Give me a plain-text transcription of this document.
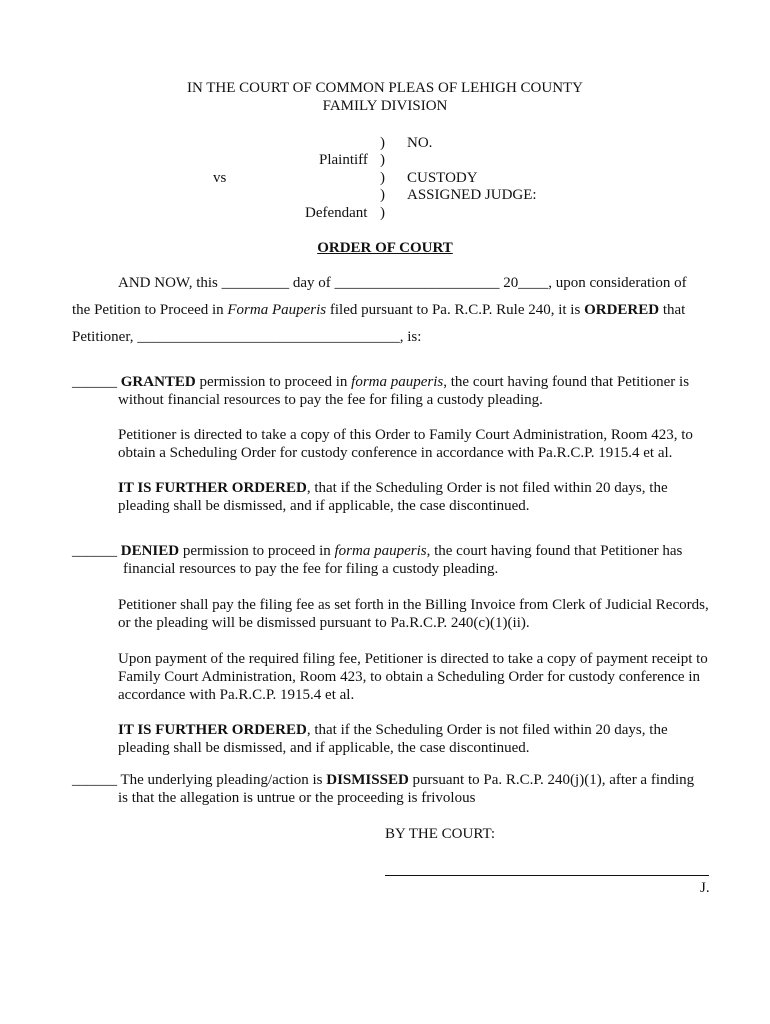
IN THE COURT OF COMMON PLEAS OF LEHIGH COUNTY
FAMILY DIVISION
) NO.
Plaintiff )
vs	) CUSTODY
) ASSIGNED JUDGE:
Defendant )
ORDER OF COURT
AND NOW, this _________ day of ______________________ 20____, upon consideration of
the Petition to Proceed in Forma Pauperis filed pursuant to Pa. R.C.P. Rule 240, it is ORDERED that
Petitioner, ___________________________________, is:
______ GRANTED permission to proceed in forma pauperis, the court having found that Petitioner is
without financial resources to pay the fee for filing a custody pleading.
Petitioner is directed to take a copy of this Order to Family Court Administration, Room 423, to obtain a Scheduling Order for custody conference in accordance with Pa.R.C.P. 1915.4 et al.
IT IS FURTHER ORDERED, that if the Scheduling Order is not filed within 20 days, the pleading shall be dismissed, and if applicable, the case discontinued.
______ DENIED permission to proceed in forma pauperis, the court having found that Petitioner has
financial resources to pay the fee for filing a custody pleading.
Petitioner shall pay the filing fee as set forth in the Billing Invoice from Clerk of Judicial Records, or the pleading will be dismissed pursuant to Pa.R.C.P. 240(c)(1)(ii).
Upon payment of the required filing fee, Petitioner is directed to take a copy of payment receipt to Family Court Administration, Room 423, to obtain a Scheduling Order for custody conference in accordance with Pa.R.C.P. 1915.4 et al.
IT IS FURTHER ORDERED, that if the Scheduling Order is not filed within 20 days, the pleading shall be dismissed, and if applicable, the case discontinued.
______ The underlying pleading/action is DISMISSED pursuant to Pa. R.C.P. 240(j)(1), after a finding
is that the allegation is untrue or the proceeding is frivolous
BY THE COURT:
J.
